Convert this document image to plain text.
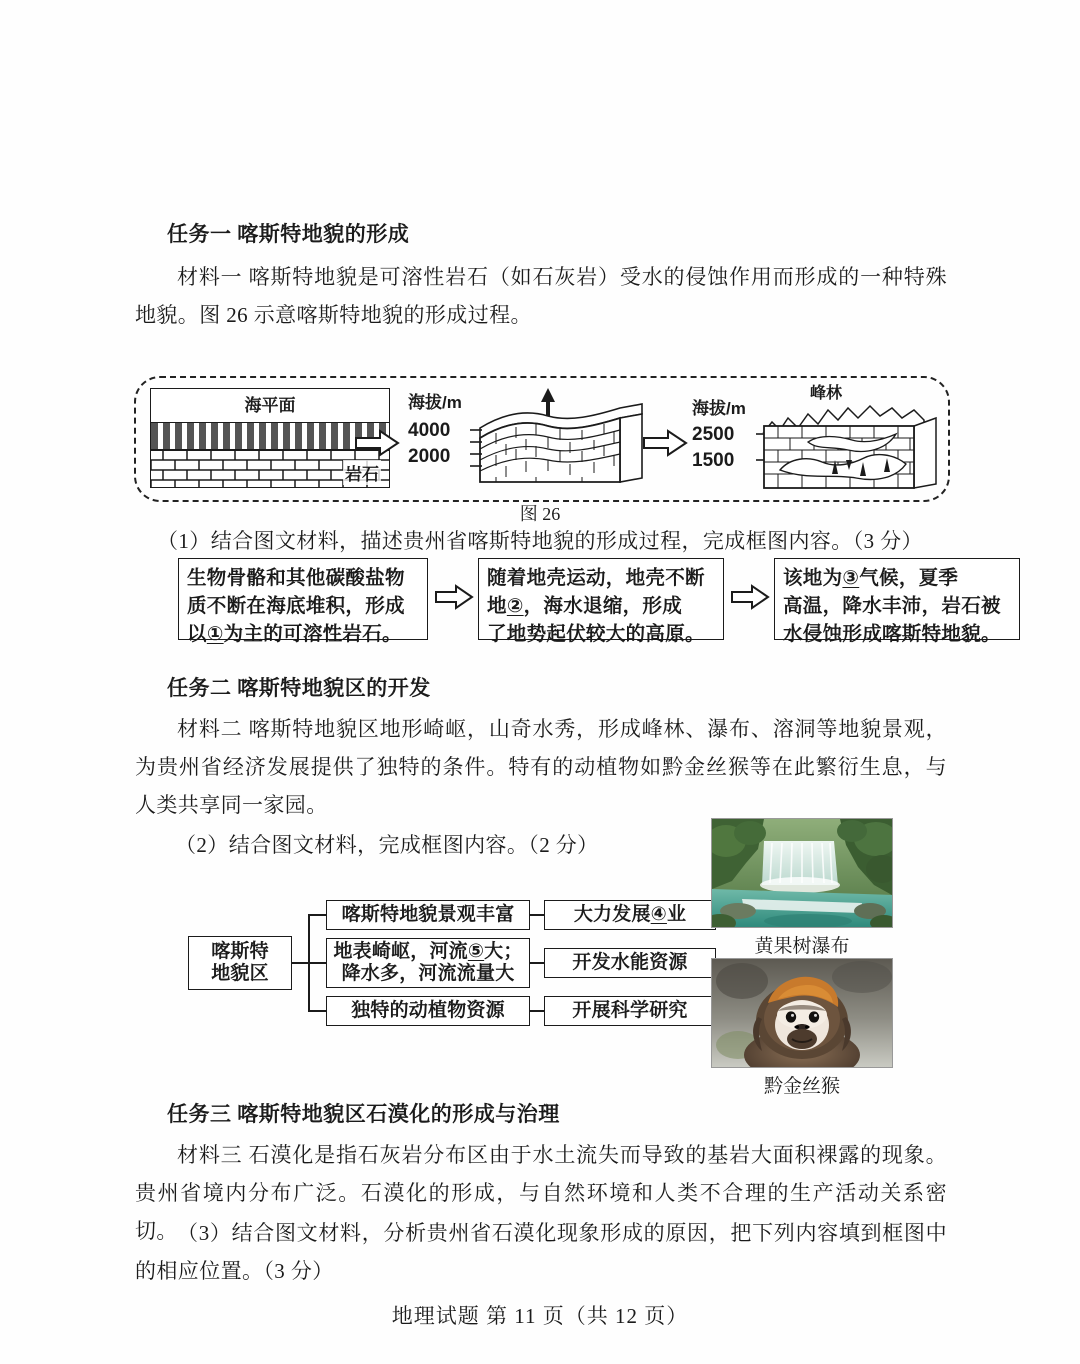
任务一 喀斯特地貌的形成
材料一 喀斯特地貌是可溶性岩石（如石灰岩）受水的侵蚀作用而形成的一种特殊地貌。图 26 示意喀斯特地貌的形成过程。
海平面
岩石
海拔/m
4000
2000
海拔/m
2500
1500
峰林
图 26
（1）结合图文材料，描述贵州省喀斯特地貌的形成过程，完成框图内容。（3 分）
生物骨骼和其他碳酸盐物
质不断在海底堆积，形成
以①为主的可溶性岩石。
随着地壳运动，地壳不断
地②，海水退缩，形成
了地势起伏较大的高原。
该地为③气候，夏季
高温，降水丰沛，岩石被
水侵蚀形成喀斯特地貌。
任务二 喀斯特地貌区的开发
材料二 喀斯特地貌区地形崎岖，山奇水秀，形成峰林、瀑布、溶洞等地貌景观，为贵州省经济发展提供了独特的条件。特有的动植物如黔金丝猴等在此繁衍生息，与人类共享同一家园。
（2）结合图文材料，完成框图内容。（2 分）
喀斯特
地貌区
喀斯特地貌景观丰富
地表崎岖，河流⑤大；
降水多，河流流量大
独特的动植物资源
大力发展 ④ 业
开发水能资源
开展科学研究
黄果树瀑布
黔金丝猴
任务三 喀斯特地貌区石漠化的形成与治理
材料三 石漠化是指石灰岩分布区由于水土流失而导致的基岩大面积裸露的现象。贵州省境内分布广泛。石漠化的形成，与自然环境和人类不合理的生产活动关系密切。 （3）结合图文材料，分析贵州省石漠化现象形成的原因，把下列内容填到框图中的相应位置。（3 分）
地理试题 第 11 页（共 12 页）
